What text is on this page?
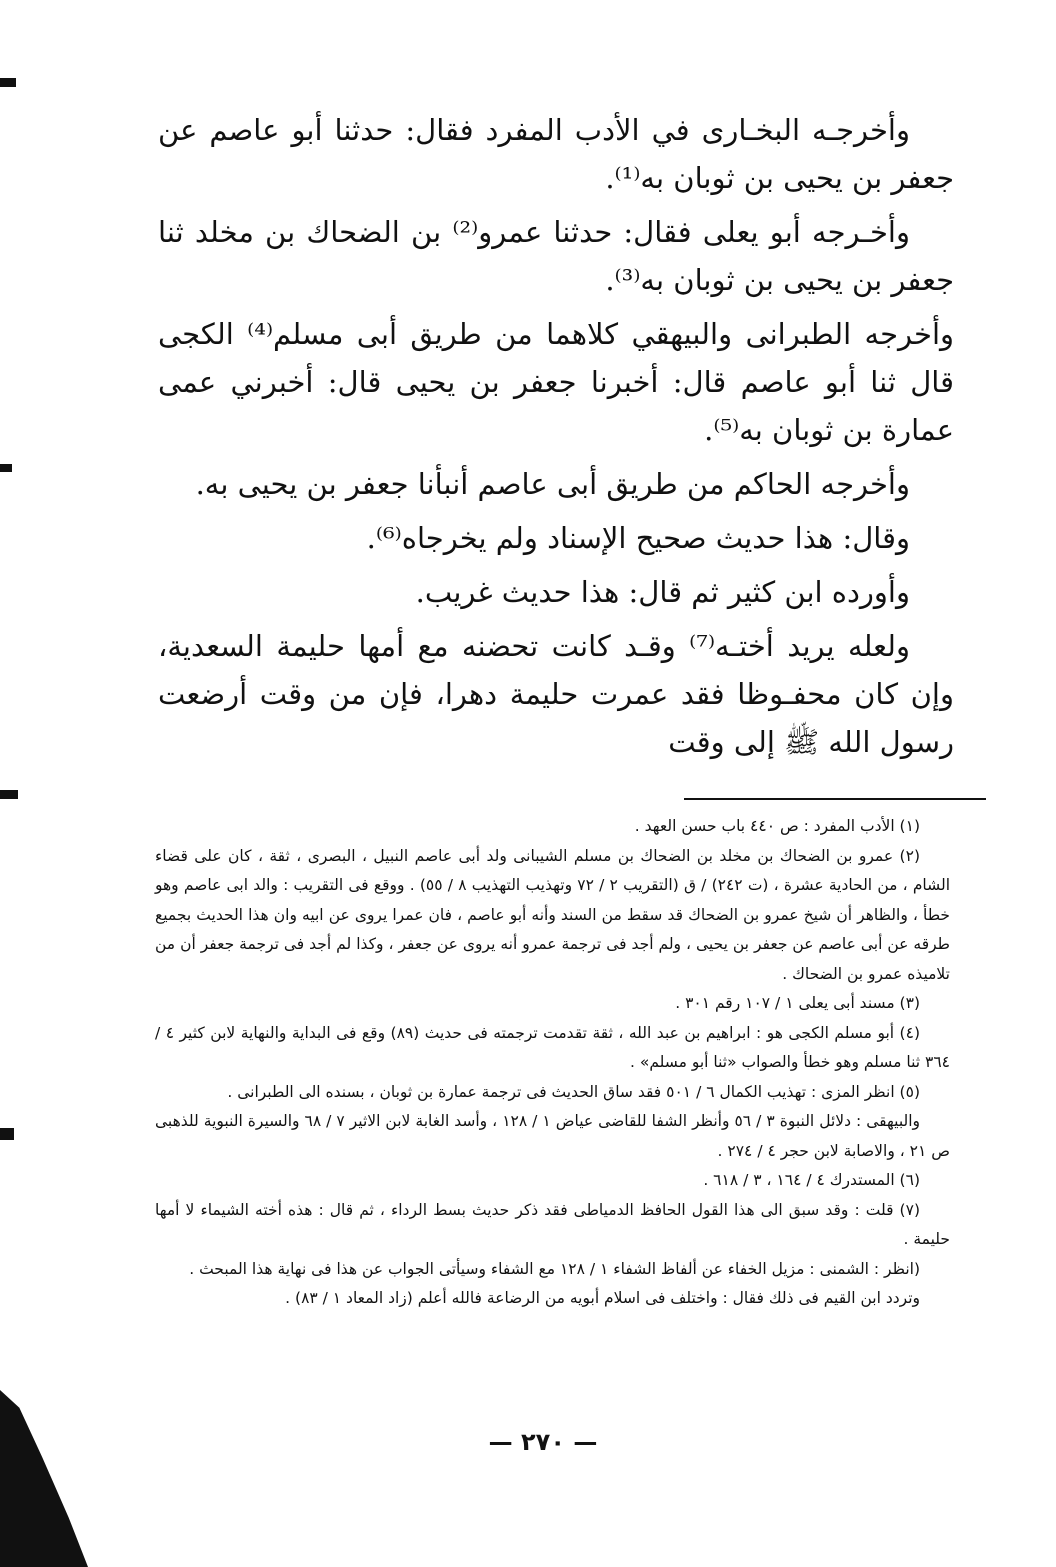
وأخرجـه البخـارى في الأدب المفرد فقال: حدثنا أبو عاصم عن جعفر بن يحيى بن ثوبان به⁽¹⁾.

وأخـرجه أبو يعلى فقال: حدثنا عمرو⁽²⁾ بن الضحاك بن مخلد ثنا جعفر بن يحيى بن ثوبان به⁽³⁾.

وأخرجه الطبرانى والبيهقي كلاهما من طريق أبى مسلم⁽⁴⁾ الكجى قال ثنا أبو عاصم قال: أخبرنا جعفر بن يحيى قال: أخبرني عمى عمارة بن ثوبان به⁽⁵⁾.

وأخرجه الحاكم من طريق أبى عاصم أنبأنا جعفر بن يحيى به.

وقال: هذا حديث صحيح الإسناد ولم يخرجاه⁽⁶⁾.

وأورده ابن كثير ثم قال: هذا حديث غريب.

ولعله يريد أختـه⁽⁷⁾ وقـد كانت تحضنه مع أمها حليمة السعدية، وإن كان محفـوظا فقد عمرت حليمة دهرا، فإن من وقت أرضعت رسول الله ﷺ إلى وقت

(١) الأدب المفرد : ص ٤٤٠ باب حسن العهد .

(٢) عمرو بن الضحاك بن مخلد بن الضحاك بن مسلم الشيبانى ولد أبى عاصم النبيل ، البصرى ، ثقة ، كان على قضاء الشام ، من الحادية عشرة ، (ت ٢٤٢) / ق (التقريب ٢ / ٧٢ وتهذيب التهذيب ٨ / ٥٥) . ووقع فى التقريب : والد ابى عاصم وهو خطأ ، والظاهر أن شيخ عمرو بن الضحاك قد سقط من السند وأنه أبو عاصم ، فان عمرا يروى عن ابيه وان هذا الحديث بجميع طرقه عن أبى عاصم عن جعفر بن يحيى ، ولم أجد فى ترجمة عمرو أنه يروى عن جعفر ، وكذا لم أجد فى ترجمة جعفر أن من تلاميذه عمرو بن الضحاك .

(٣) مسند أبى يعلى ١ / ١٠٧ رقم ٣٠١ .

(٤) أبو مسلم الكجى هو : ابراهيم بن عبد الله ، ثقة تقدمت ترجمته فى حديث (٨٩) وقع فى البداية والنهاية لابن كثير ٤ / ٣٦٤ ثنا مسلم وهو خطأ والصواب «ثنا أبو مسلم» .

(٥) انظر المزى : تهذيب الكمال ٦ / ٥٠١ فقد ساق الحديث فى ترجمة عمارة بن ثوبان ، بسنده الى الطبرانى .

والبيهقى : دلائل النبوة ٣ / ٥٦ وأنظر الشفا للقاضى عياض ١ / ١٢٨ ، وأسد الغابة لابن الاثير ٧ / ٦٨ والسيرة النبوية للذهبى ص ٢١ ، والاصابة لابن حجر ٤ / ٢٧٤ .

(٦) المستدرك ٤ / ١٦٤ ، ٣ / ٦١٨ .

(٧) قلت : وقد سبق الى هذا القول الحافظ الدمياطى فقد ذكر حديث بسط الرداء ، ثم قال : هذه أخته الشيماء لا أمها حليمة .

(انظر : الشمنى : مزيل الخفاء عن ألفاظ الشفاء ١ / ١٢٨ مع الشفاء وسيأتى الجواب عن هذا فى نهاية هذا المبحث .

وتردد ابن القيم فى ذلك فقال : واختلف فى اسلام أبويه من الرضاعة فالله أعلم (زاد المعاد ١ / ٨٣) .

— ٢٧٠ —
